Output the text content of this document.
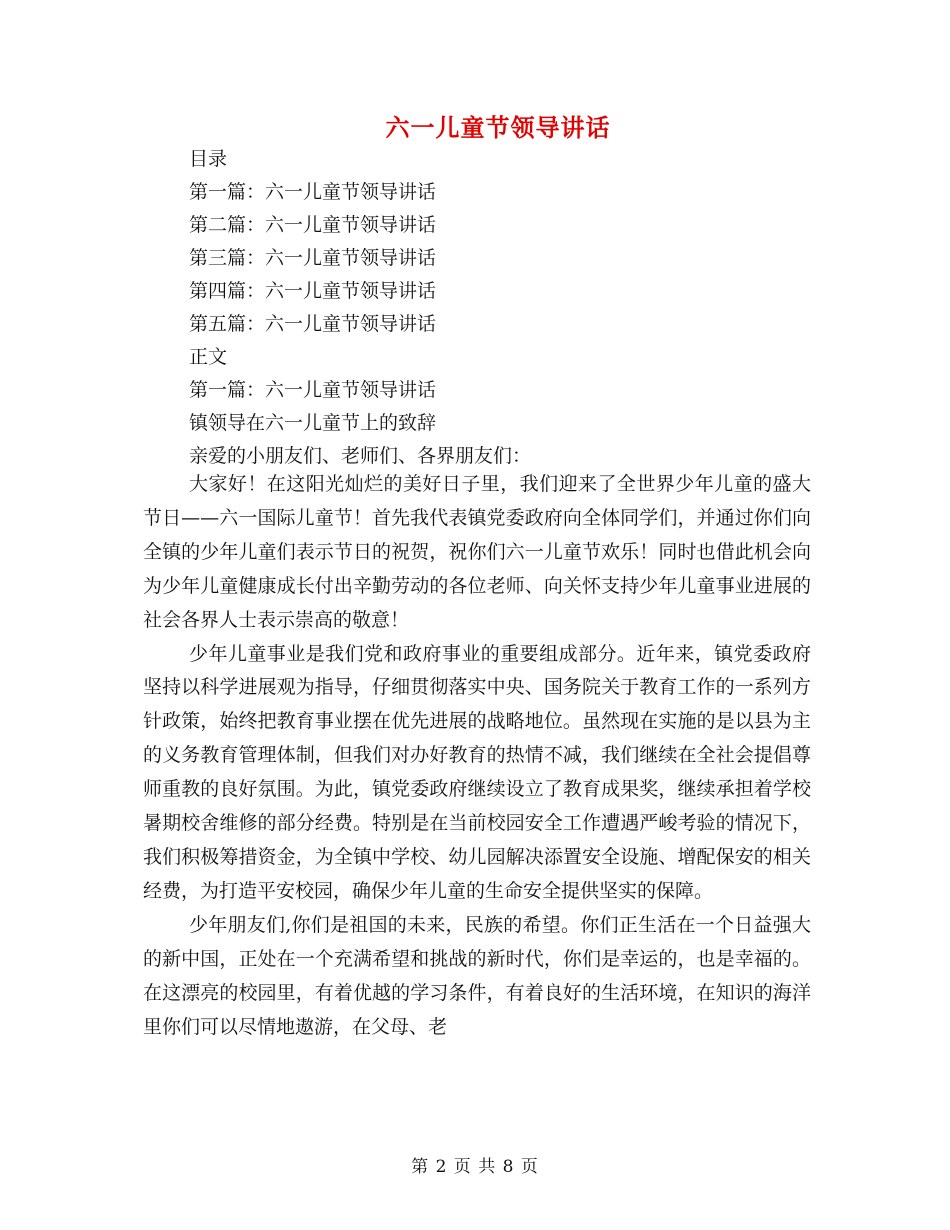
六一儿童节领导讲话
目录
第一篇：六一儿童节领导讲话
第二篇：六一儿童节领导讲话
第三篇：六一儿童节领导讲话
第四篇：六一儿童节领导讲话
第五篇：六一儿童节领导讲话
正文
第一篇：六一儿童节领导讲话
镇领导在六一儿童节上的致辞
亲爱的小朋友们、老师们、各界朋友们：

大家好！在这阳光灿烂的美好日子里，我们迎来了全世界少年儿童的盛大节日——六一国际儿童节！首先我代表镇党委政府向全体同学们，并通过你们向全镇的少年儿童们表示节日的祝贺，祝你们六一儿童节欢乐！同时也借此机会向为少年儿童健康成长付出辛勤劳动的各位老师、向关怀支持少年儿童事业进展的社会各界人士表示崇高的敬意！

少年儿童事业是我们党和政府事业的重要组成部分。近年来，镇党委政府坚持以科学进展观为指导，仔细贯彻落实中央、国务院关于教育工作的一系列方针政策，始终把教育事业摆在优先进展的战略地位。虽然现在实施的是以县为主的义务教育管理体制，但我们对办好教育的热情不减，我们继续在全社会提倡尊师重教的良好氛围。为此，镇党委政府继续设立了教育成果奖，继续承担着学校暑期校舍维修的部分经费。特别是在当前校园安全工作遭遇严峻考验的情况下，我们积极筹措资金，为全镇中学校、幼儿园解决添置安全设施、增配保安的相关经费，为打造平安校园，确保少年儿童的生命安全提供坚实的保障。

少年朋友们,你们是祖国的未来，民族的希望。你们正生活在一个日益强大的新中国，正处在一个充满希望和挑战的新时代，你们是幸运的，也是幸福的。在这漂亮的校园里，有着优越的学习条件，有着良好的生活环境，在知识的海洋里你们可以尽情地遨游，在父母、老

第 2 页 共 8 页
